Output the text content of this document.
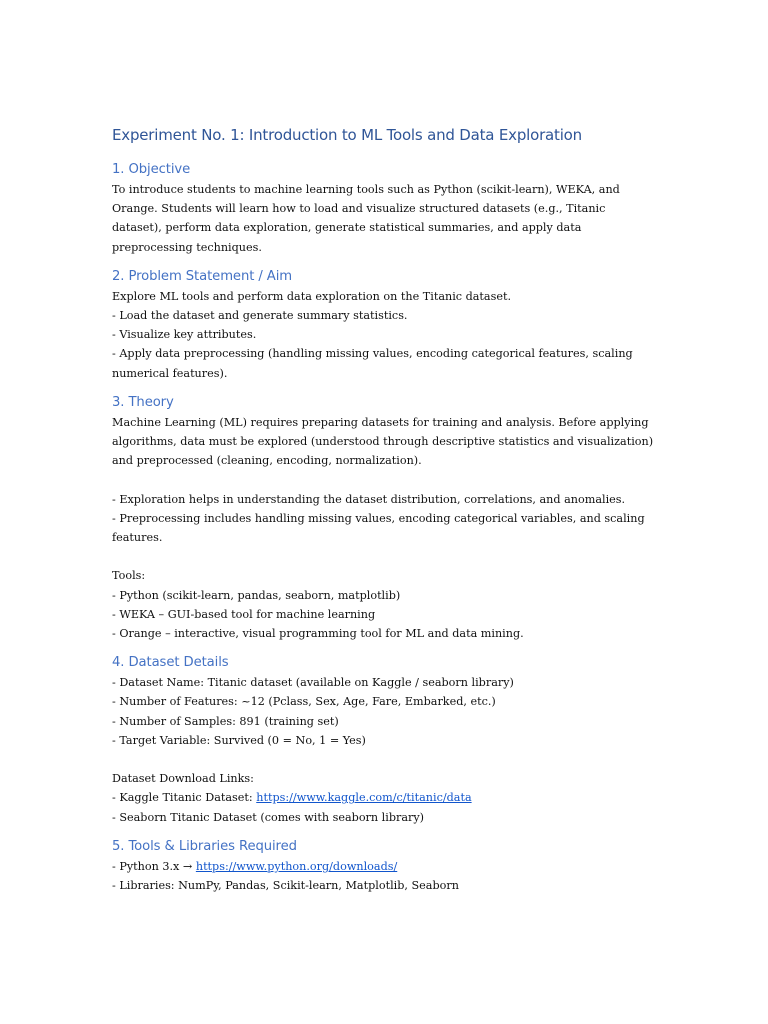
Experiment No. 1: Introduction to ML Tools and Data Exploration
1. Objective

To introduce students to machine learning tools such as Python (scikit-learn), WEKA, and Orange. Students will learn how to load and visualize structured datasets (e.g., Titanic dataset), perform data exploration, generate statistical summaries, and apply data preprocessing techniques.

2. Problem Statement / Aim

Explore ML tools and perform data exploration on the Titanic dataset.

- Load the dataset and generate summary statistics.

- Visualize key attributes.

- Apply data preprocessing (handling missing values, encoding categorical features, scaling numerical features).

3. Theory

Machine Learning (ML) requires preparing datasets for training and analysis. Before applying algorithms, data must be explored (understood through descriptive statistics and visualization) and preprocessed (cleaning, encoding, normalization).

- Exploration helps in understanding the dataset distribution, correlations, and anomalies.

- Preprocessing includes handling missing values, encoding categorical variables, and scaling features.

Tools:

- Python (scikit-learn, pandas, seaborn, matplotlib)

- WEKA – GUI-based tool for machine learning

- Orange – interactive, visual programming tool for ML and data mining.

4. Dataset Details

- Dataset Name: Titanic dataset (available on Kaggle / seaborn library)

- Number of Features: ~12 (Pclass, Sex, Age, Fare, Embarked, etc.)

- Number of Samples: 891 (training set)

- Target Variable: Survived (0 = No, 1 = Yes)

Dataset Download Links:

- Kaggle Titanic Dataset: https://www.kaggle.com/c/titanic/data

- Seaborn Titanic Dataset (comes with seaborn library)

5. Tools & Libraries Required

- Python 3.x → https://www.python.org/downloads/

- Libraries: NumPy, Pandas, Scikit-learn, Matplotlib, Seaborn
